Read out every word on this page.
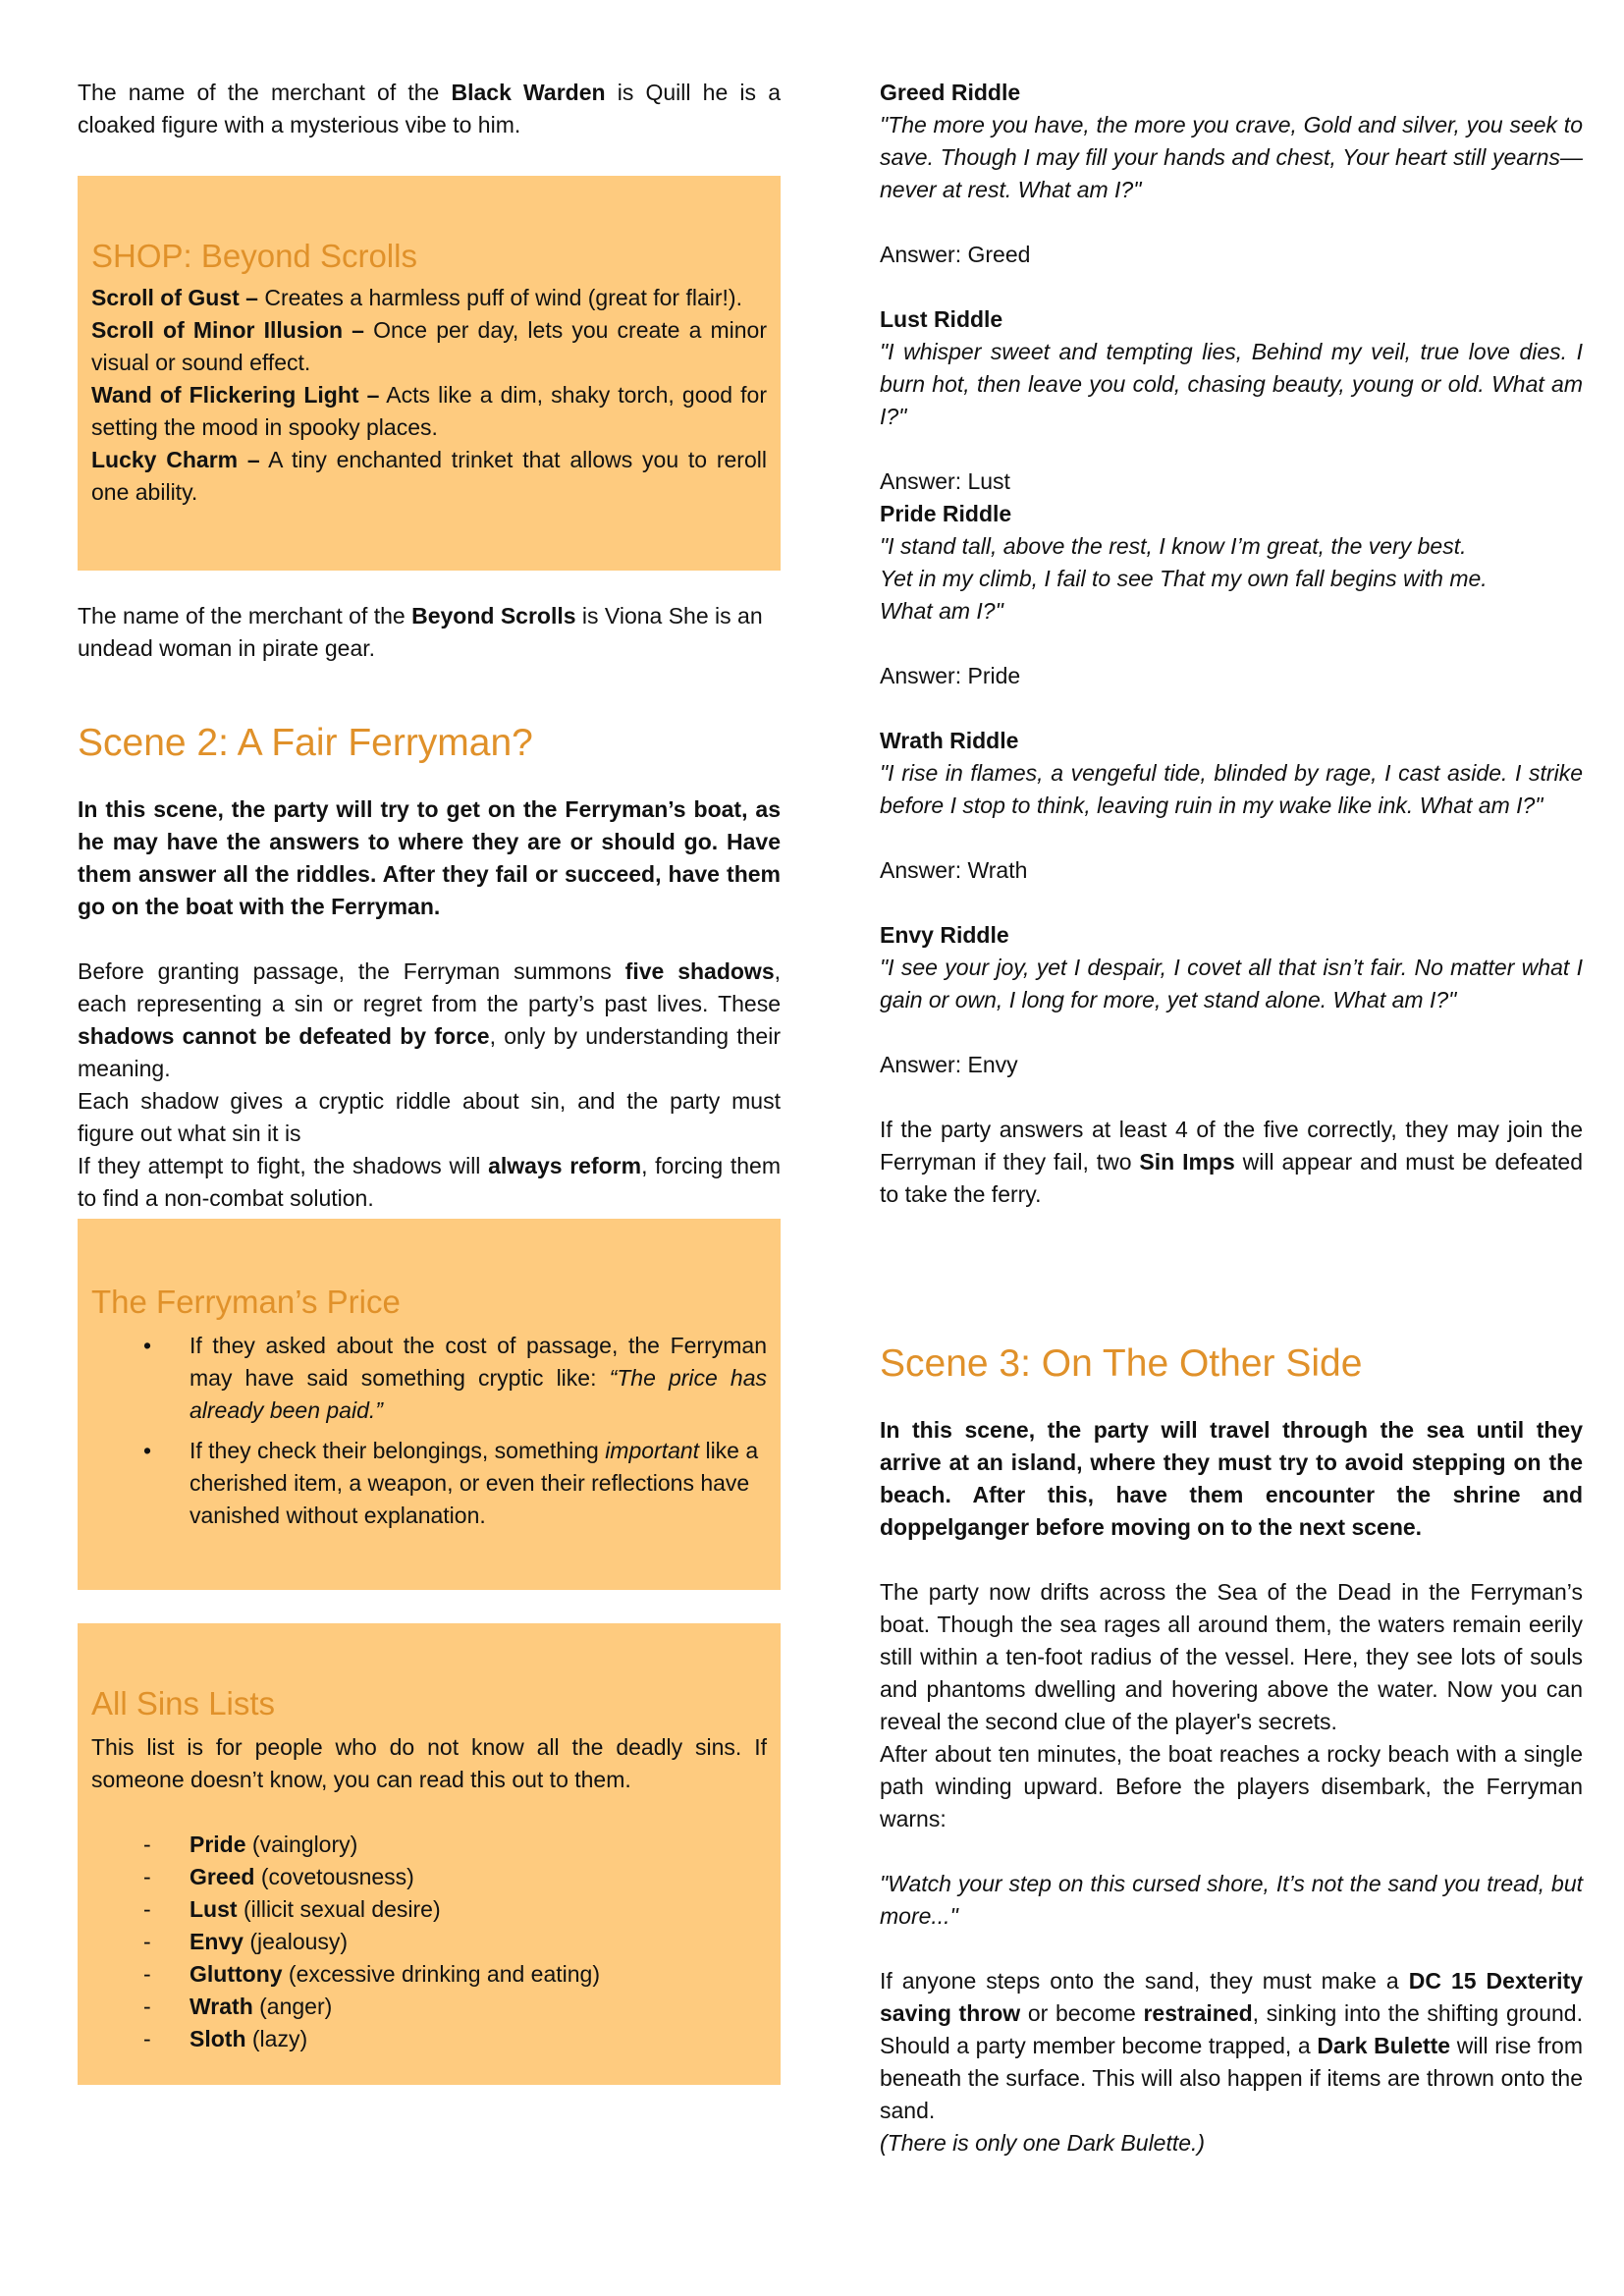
The name of the merchant of the Black Warden is Quill he is a cloaked figure with a mysterious vibe to him.

SHOP: Beyond Scrolls

Scroll of Gust – Creates a harmless puff of wind (great for flair!).

Scroll of Minor Illusion – Once per day, lets you create a minor visual or sound effect.

Wand of Flickering Light – Acts like a dim, shaky torch, good for setting the mood in spooky places.

Lucky Charm – A tiny enchanted trinket that allows you to reroll one ability.

The name of the merchant of the Beyond Scrolls is Viona She is an undead woman in pirate gear.

Scene 2: A Fair Ferryman?

In this scene, the party will try to get on the Ferryman’s boat, as he may have the answers to where they are or should go. Have them answer all the riddles. After they fail or succeed, have them go on the boat with the Ferryman.

Before granting passage, the Ferryman summons five shadows, each representing a sin or regret from the party’s past lives. These shadows cannot be defeated by force, only by understanding their meaning.

Each shadow gives a cryptic riddle about sin, and the party must figure out what sin it is

If they attempt to fight, the shadows will always reform, forcing them to find a non-combat solution.

The Ferryman’s Price
• If they asked about the cost of passage, the Ferryman may have said something cryptic like: “The price has already been paid.”
• If they check their belongings, something important like a cherished item, a weapon, or even their reflections have vanished without explanation.
All Sins Lists

This list is for people who do not know all the deadly sins. If someone doesn’t know, you can read this out to them.

- Pride (vainglory)
- Greed (covetousness)
- Lust (illicit sexual desire)
- Envy (jealousy)
- Gluttony (excessive drinking and eating)
- Wrath (anger)
- Sloth (lazy)

Greed Riddle

"The more you have, the more you crave, Gold and silver, you seek to save. Though I may fill your hands and chest, Your heart still yearns—never at rest. What am I?"

Answer: Greed

Lust Riddle

"I whisper sweet and tempting lies, Behind my veil, true love dies. I burn hot, then leave you cold, chasing beauty, young or old. What am I?"

Answer: Lust

Pride Riddle

"I stand tall, above the rest, I know I’m great, the very best.

Yet in my climb, I fail to see That my own fall begins with me.

What am I?"

Answer: Pride

Wrath Riddle

"I rise in flames, a vengeful tide, blinded by rage, I cast aside. I strike before I stop to think, leaving ruin in my wake like ink. What am I?"

Answer: Wrath

Envy Riddle

"I see your joy, yet I despair, I covet all that isn’t fair. No matter what I gain or own, I long for more, yet stand alone. What am I?"

Answer: Envy

If the party answers at least 4 of the five correctly, they may join the Ferryman if they fail, two Sin Imps will appear and must be defeated to take the ferry.

Scene 3: On The Other Side

In this scene, the party will travel through the sea until they arrive at an island, where they must try to avoid stepping on the beach. After this, have them encounter the shrine and doppelganger before moving on to the next scene.

The party now drifts across the Sea of the Dead in the Ferryman’s boat. Though the sea rages all around them, the waters remain eerily still within a ten-foot radius of the vessel. Here, they see lots of souls and phantoms dwelling and hovering above the water. Now you can reveal the second clue of the player's secrets.

After about ten minutes, the boat reaches a rocky beach with a single path winding upward. Before the players disembark, the Ferryman warns:

"Watch your step on this cursed shore, It’s not the sand you tread, but more..."

If anyone steps onto the sand, they must make a DC 15 Dexterity saving throw or become restrained, sinking into the shifting ground. Should a party member become trapped, a Dark Bulette will rise from beneath the surface. This will also happen if items are thrown onto the sand.

(There is only one Dark Bulette.)
